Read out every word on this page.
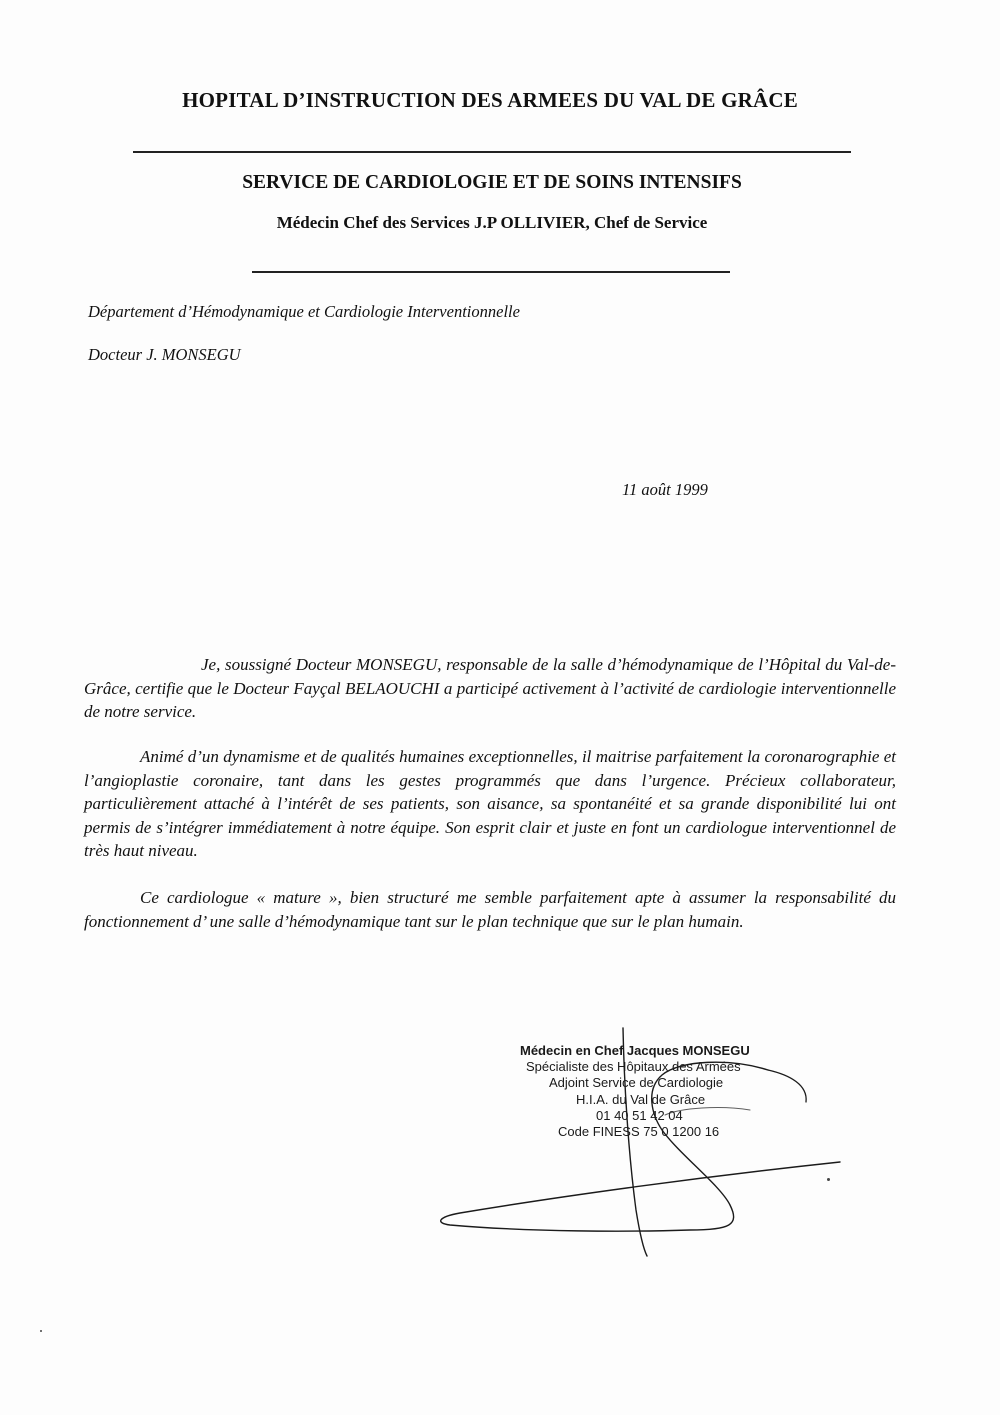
HOPITAL D’INSTRUCTION DES ARMEES DU VAL DE GRÂCE
SERVICE DE CARDIOLOGIE ET DE SOINS INTENSIFS
Médecin Chef des Services J.P OLLIVIER, Chef de Service
Département d’Hémodynamique et Cardiologie Interventionnelle
Docteur J. MONSEGU
11 août 1999

Je, soussigné Docteur MONSEGU, responsable de la salle d’hémodynamique de l’Hôpital du Val-de-Grâce, certifie que le Docteur Fayçal BELAOUCHI a participé activement à l’activité de cardiologie interventionnelle de notre service.

Animé d’un dynamisme et de qualités humaines exceptionnelles, il maitrise parfaitement la coronarographie et l’angioplastie coronaire, tant dans les gestes programmés que dans l’urgence. Précieux collaborateur, particulièrement attaché à l’intérêt de ses patients, son aisance, sa spontanéité et sa grande disponibilité lui ont permis de s’intégrer immédiatement à notre équipe. Son esprit clair et juste en font un cardiologue interventionnel de très haut niveau.

Ce cardiologue « mature », bien structuré me semble parfaitement apte à assumer la responsabilité du fonctionnement d’ une salle d’hémodynamique tant sur le plan technique que sur le plan humain.

Médecin en Chef Jacques MONSEGU
Spécialiste des Hôpitaux des Armées
Adjoint Service de Cardiologie
H.I.A. du Val de Grâce
01 40 51 42 04
Code FINESS 75 0 1200 16
